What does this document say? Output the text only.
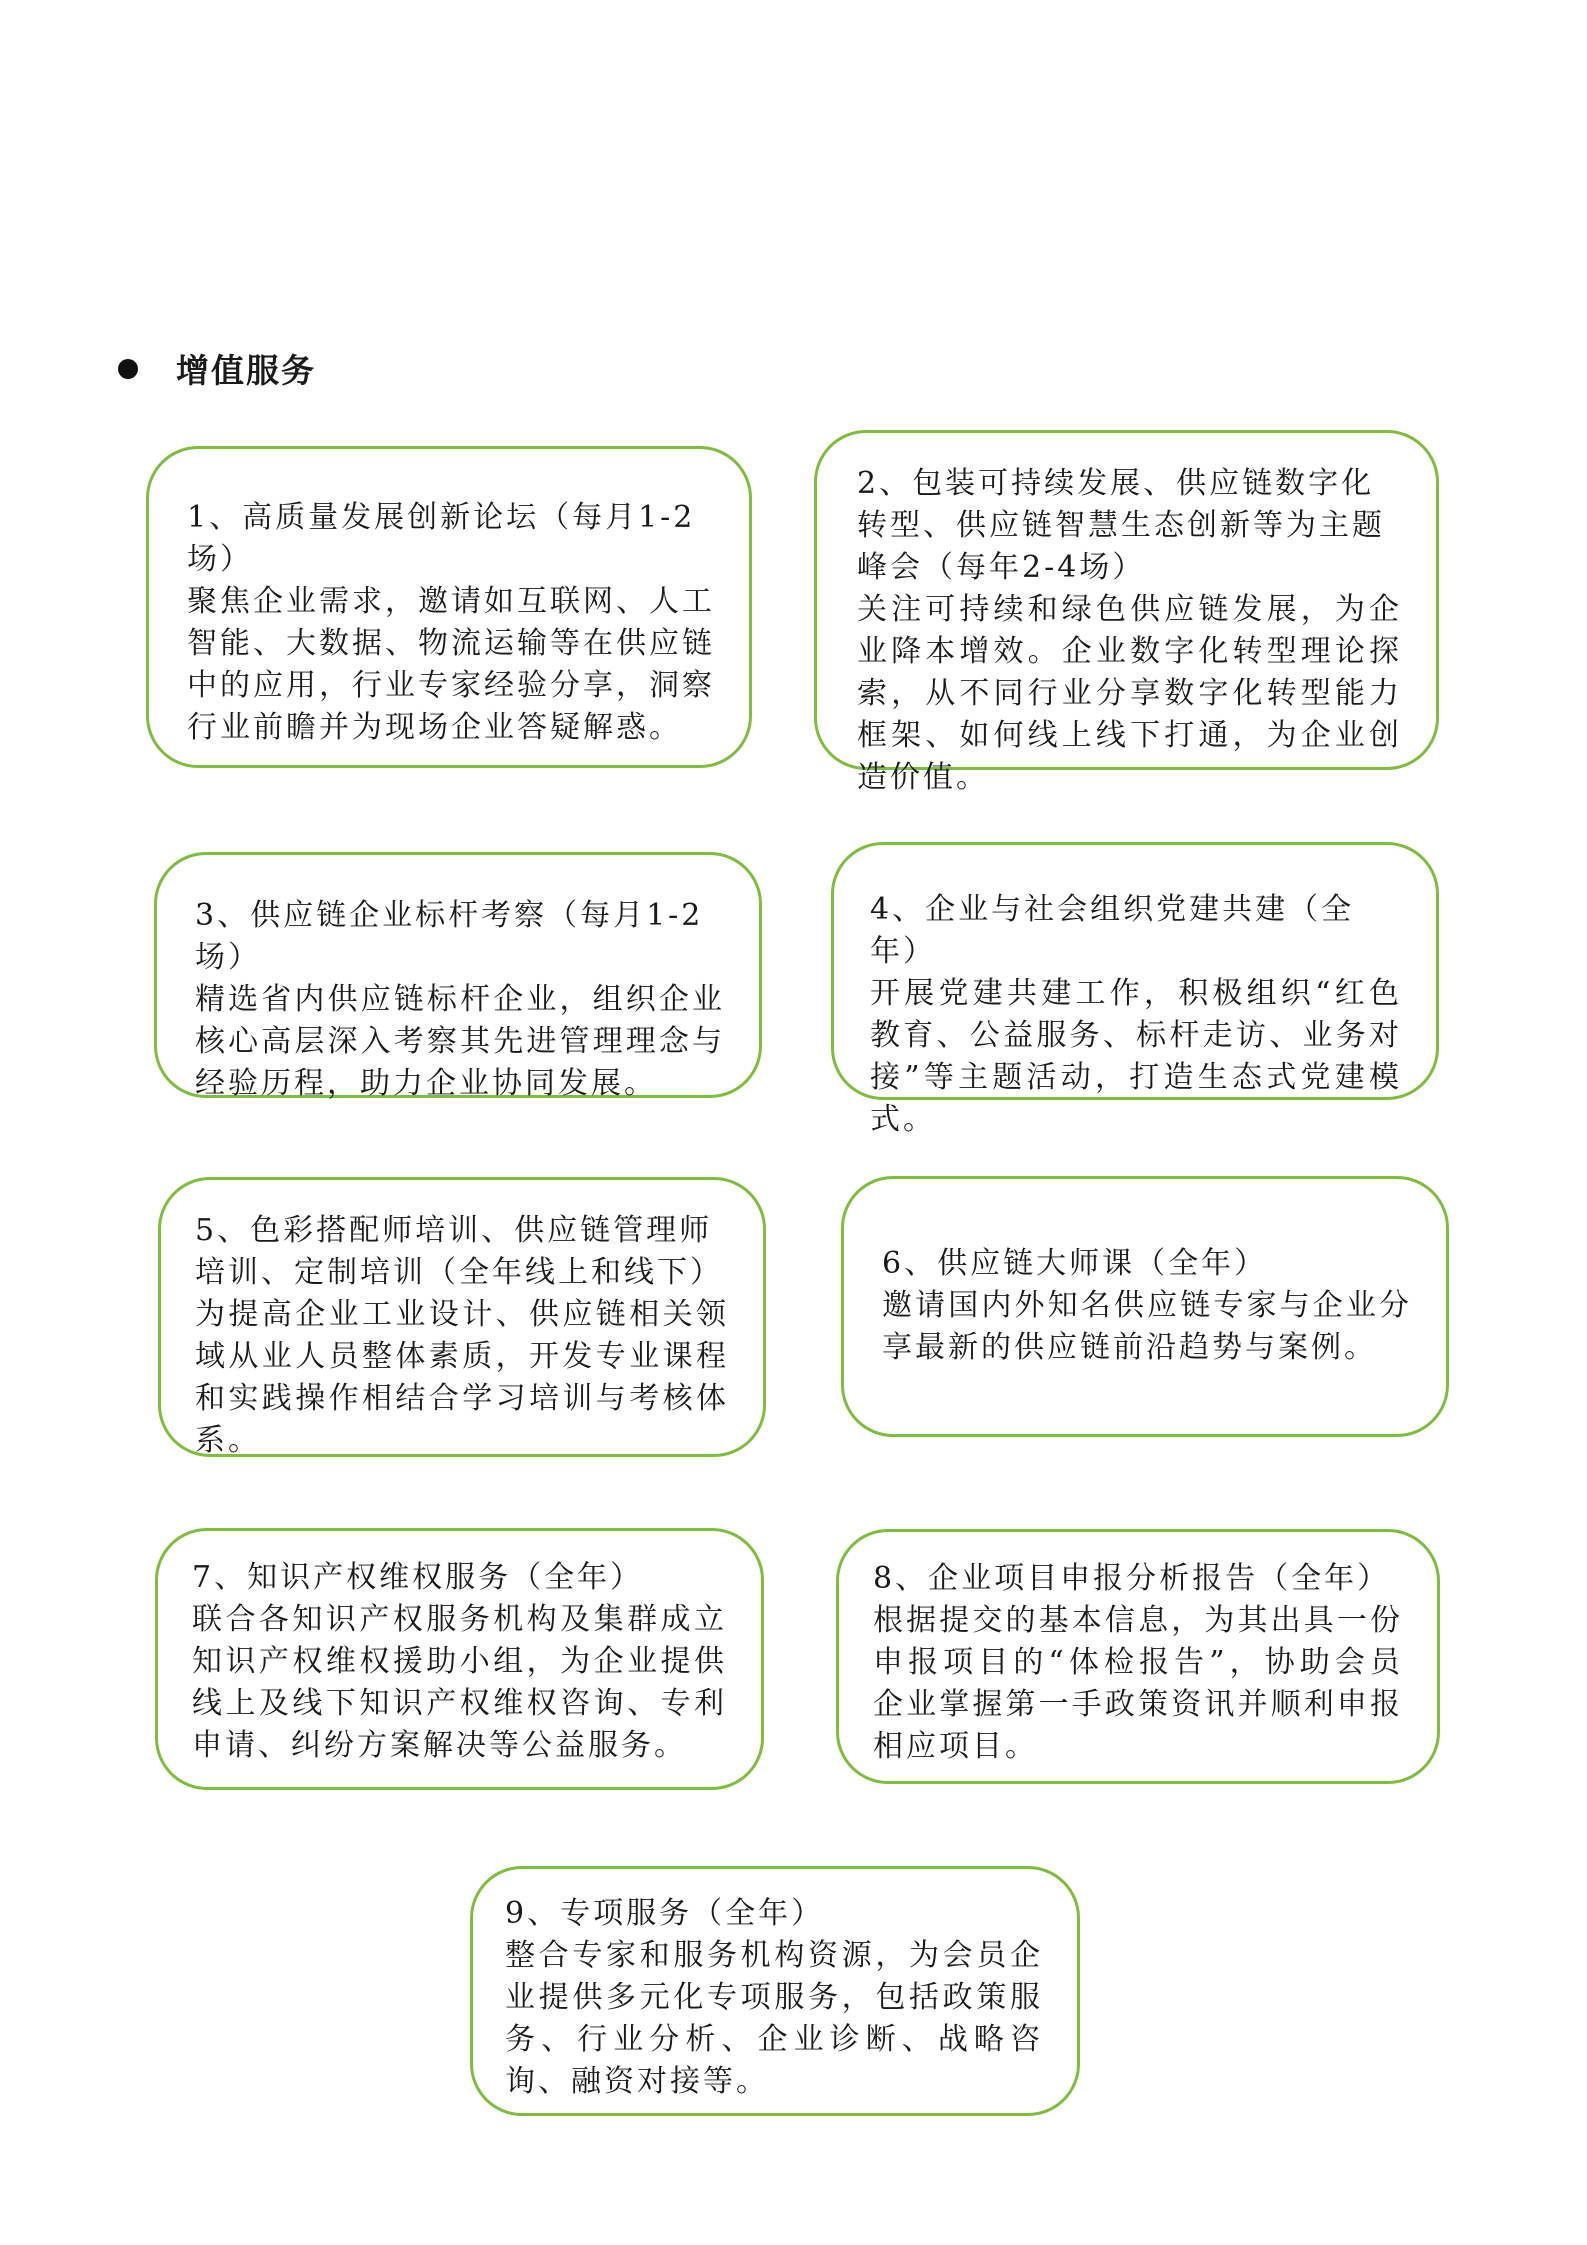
增值服务

1、高质量发展创新论坛（每月1-2场）

聚焦企业需求，邀请如互联网、人工智能、大数据、物流运输等在供应链中的应用，行业专家经验分享，洞察行业前瞻并为现场企业答疑解惑。

2、包装可持续发展、供应链数字化转型、供应链智慧生态创新等为主题峰会（每年2-4场）

关注可持续和绿色供应链发展，为企业降本增效。企业数字化转型理论探索，从不同行业分享数字化转型能力框架、如何线上线下打通，为企业创造价值。

3、供应链企业标杆考察（每月1-2场）

精选省内供应链标杆企业，组织企业核心高层深入考察其先进管理理念与经验历程，助力企业协同发展。

4、企业与社会组织党建共建（全年）

开展党建共建工作，积极组织“红色教育、公益服务、标杆走访、业务对接”等主题活动，打造生态式党建模式。

5、色彩搭配师培训、供应链管理师培训、定制培训（全年线上和线下）

为提高企业工业设计、供应链相关领域从业人员整体素质，开发专业课程和实践操作相结合学习培训与考核体系。

6、供应链大师课（全年）

邀请国内外知名供应链专家与企业分享最新的供应链前沿趋势与案例。

7、知识产权维权服务（全年）

联合各知识产权服务机构及集群成立知识产权维权援助小组，为企业提供线上及线下知识产权维权咨询、专利申请、纠纷方案解决等公益服务。

8、企业项目申报分析报告（全年）

根据提交的基本信息，为其出具一份申报项目的“体检报告”，协助会员企业掌握第一手政策资讯并顺利申报相应项目。

9、专项服务（全年）

整合专家和服务机构资源，为会员企业提供多元化专项服务，包括政策服务、行业分析、企业诊断、战略咨询、融资对接等。
